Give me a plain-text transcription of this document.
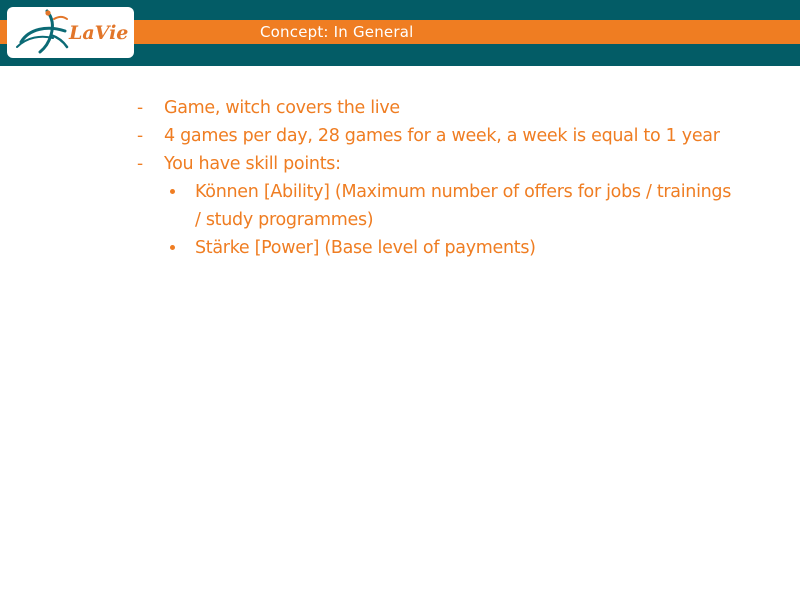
LaVie	Concept: In General
- Game, witch covers the live
- 4 games per day, 28 games for a week, a week is equal to 1 year
- You have skill points:
Können [Ability] (Maximum number of offers for jobs / trainings
/ study programmes)
Stärke [Power] (Base level of payments)
